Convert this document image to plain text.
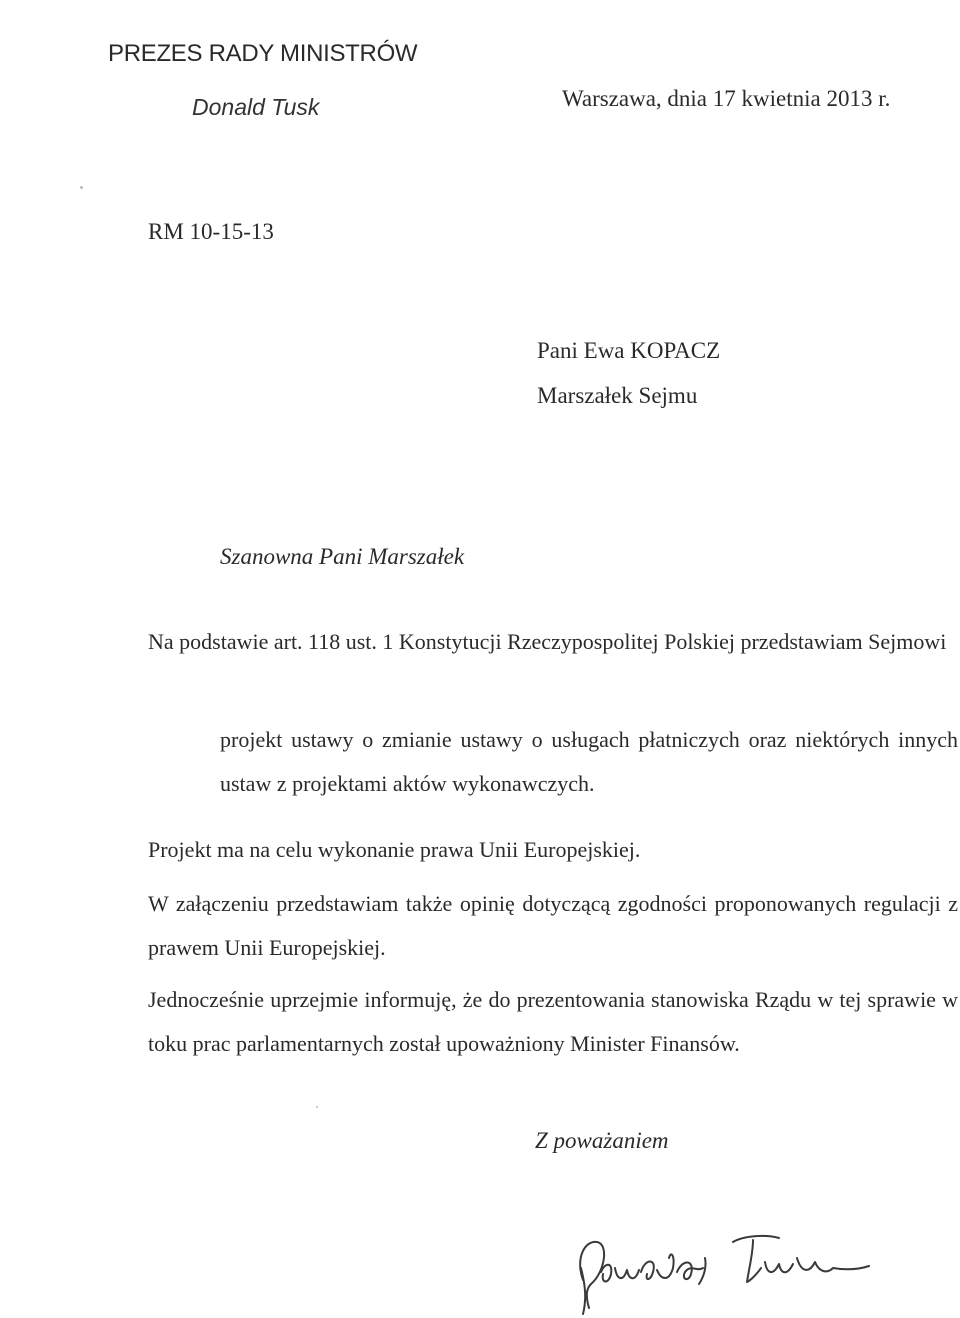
PREZES RADY MINISTRÓW
Donald Tusk	Warszawa, dnia 17 kwietnia 2013 r.
RM 10-15-13
Pani Ewa KOPACZ
Marszałek Sejmu
Szanowna Pani Marszałek
Na podstawie art. 118 ust. 1 Konstytucji Rzeczypospolitej Polskiej przedstawiam Sejmowi
projekt ustawy o zmianie ustawy o usługach płatniczych oraz niektórych innych ustaw z projektami aktów wykonawczych.
Projekt ma na celu wykonanie prawa Unii Europejskiej.
W załączeniu przedstawiam także opinię dotyczącą zgodności proponowanych regulacji z prawem Unii Europejskiej.
Jednocześnie uprzejmie informuję, że do prezentowania stanowiska Rządu w tej sprawie w toku prac parlamentarnych został upoważniony Minister Finansów.
Z poważaniem
